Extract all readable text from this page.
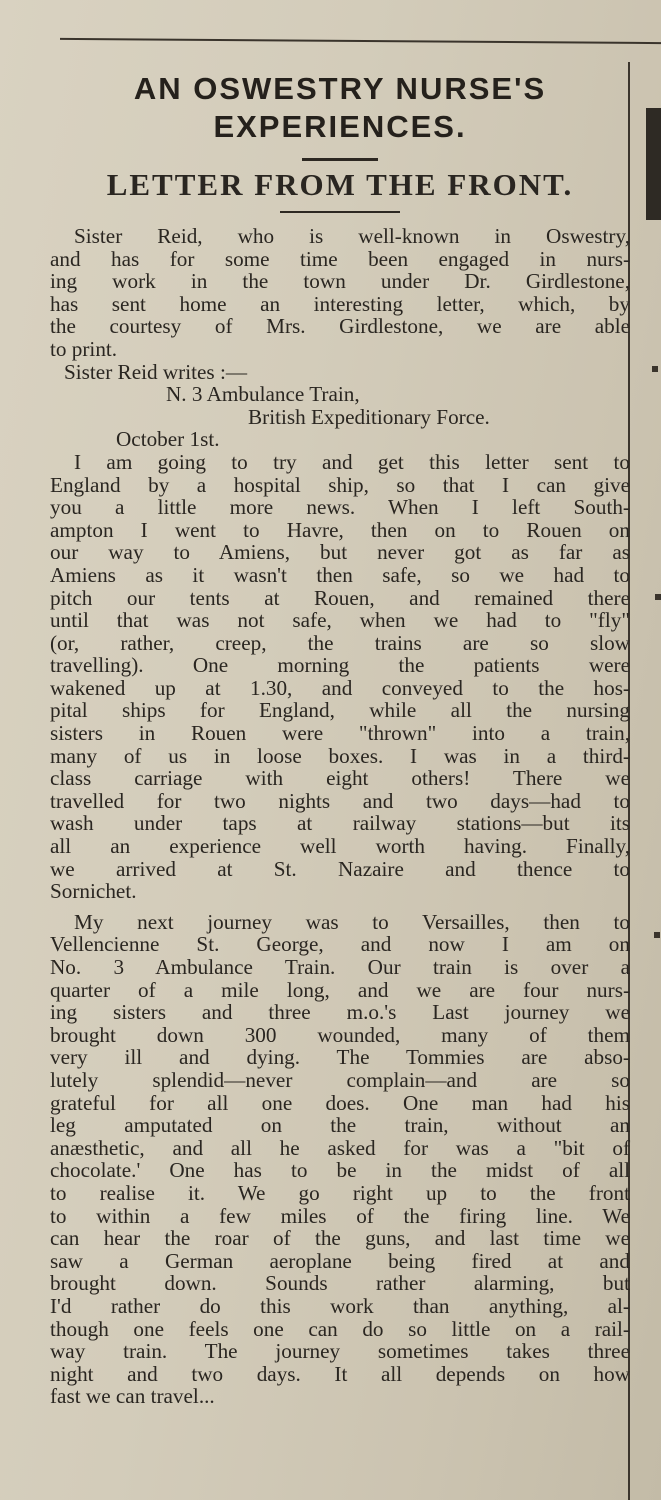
AN OSWESTRY NURSE'S
EXPERIENCES.
LETTER FROM THE FRONT.
Sister Reid, who is well-known in Oswestry,
and has for some time been engaged in nurs-
ing work in the town under Dr. Girdlestone,
has sent home an interesting letter, which, by
the courtesy of Mrs. Girdlestone, we are able
to print.
Sister Reid writes :—
N. 3 Ambulance Train,
British Expeditionary Force.
October 1st.
I am going to try and get this letter sent to
England by a hospital ship, so that I can give
you a little more news. When I left South-
ampton I went to Havre, then on to Rouen on
our way to Amiens, but never got as far as
Amiens as it wasn't then safe, so we had to
pitch our tents at Rouen, and remained there
until that was not safe, when we had to "fly"
(or, rather, creep, the trains are so slow
travelling). One morning the patients were
wakened up at 1.30, and conveyed to the hos-
pital ships for England, while all the nursing
sisters in Rouen were "thrown" into a train,
many of us in loose boxes. I was in a third-
class carriage with eight others! There we
travelled for two nights and two days—had to
wash under taps at railway stations—but its
all an experience well worth having. Finally,
we arrived at St. Nazaire and thence to
Sornichet.
My next journey was to Versailles, then to
Vellencienne St. George, and now I am on
No. 3 Ambulance Train. Our train is over a
quarter of a mile long, and we are four nurs-
ing sisters and three m.o.'s Last journey we
brought down 300 wounded, many of them
very ill and dying. The Tommies are abso-
lutely splendid—never complain—and are so
grateful for all one does. One man had his
leg amputated on the train, without an
anæsthetic, and all he asked for was a "bit of
chocolate.' One has to be in the midst of all
to realise it. We go right up to the front
to within a few miles of the firing line. We
can hear the roar of the guns, and last time we
saw a German aeroplane being fired at and
brought down. Sounds rather alarming, but
I'd rather do this work than anything, al-
though one feels one can do so little on a rail-
way train. The journey sometimes takes three
night and two days. It all depends on how
fast we can travel...
